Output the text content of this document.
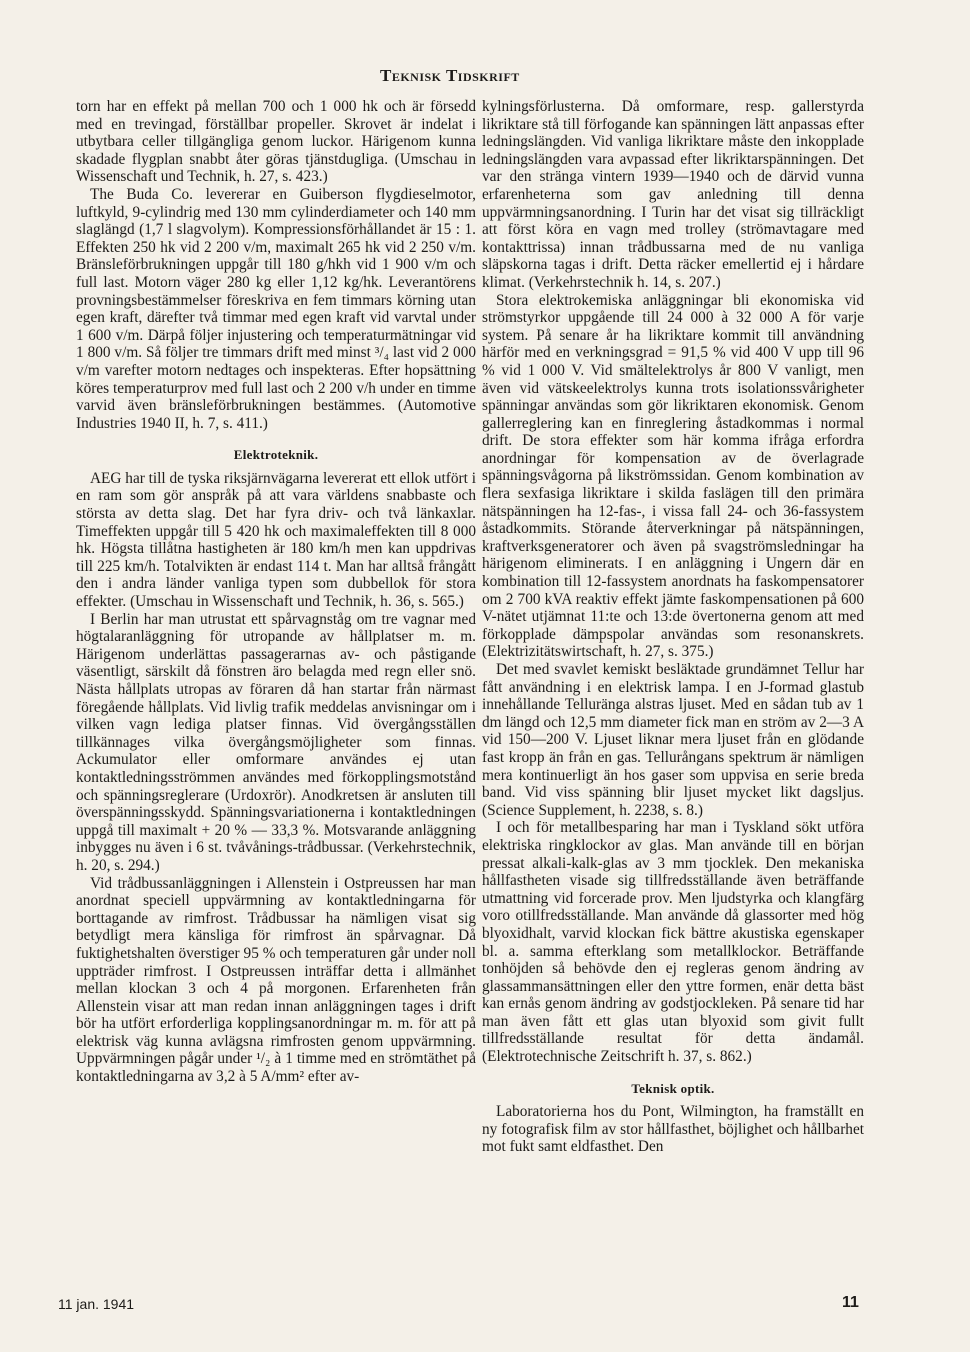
Teknisk Tidskrift

torn har en effekt på mellan 700 och 1 000 hk och är försedd med en trevingad, förställbar propeller. Skrovet är indelat i utbytbara celler tillgängliga genom luckor. Härigenom kunna skadade flygplan snabbt åter göras tjänstdugliga. (Umschau in Wissenschaft und Technik, h. 27, s. 423.)

The Buda Co. levererar en Guiberson flygdieselmotor, luftkyld, 9-cylindrig med 130 mm cylinderdiameter och 140 mm slaglängd (1,7 l slagvolym). Kompressionsförhållandet är 15 : 1. Effekten 250 hk vid 2 200 v/m, maximalt 265 hk vid 2 250 v/m. Bränsleförbrukningen uppgår till 180 g/hkh vid 1 900 v/m och full last. Motorn väger 280 kg eller 1,12 kg/hk. Leverantörens provningsbestämmelser föreskriva en fem timmars körning utan egen kraft, därefter två timmar med egen kraft vid varvtal under 1 600 v/m. Därpå följer injustering och temperaturmätningar vid 1 800 v/m. Så följer tre timmars drift med minst ³/₄ last vid 2 000 v/m varefter motorn nedtages och inspekteras. Efter hopsättning köres temperaturprov med full last och 2 200 v/h under en timme varvid även bränsleförbrukningen bestämmes. (Automotive Industries 1940 II, h. 7, s. 411.)

Elektroteknik.

AEG har till de tyska riksjärnvägarna levererat ett ellok utfört i en ram som gör anspråk på att vara världens snabbaste och största av detta slag. Det har fyra driv- och två länkaxlar. Timeffekten uppgår till 5 420 hk och maximaleffekten till 8 000 hk. Högsta tillåtna hastigheten är 180 km/h men kan uppdrivas till 225 km/h. Totalvikten är endast 114 t. Man har alltså frångått den i andra länder vanliga typen som dubbellok för stora effekter. (Umschau in Wissenschaft und Technik, h. 36, s. 565.)

I Berlin har man utrustat ett spårvagnståg om tre vagnar med högtalaranläggning för utropande av hållplatser m. m. Härigenom underlättas passagerarnas av- och påstigande väsentligt, särskilt då fönstren äro belagda med regn eller snö. Nästa hållplats utropas av föraren då han startar från närmast föregående hållplats. Vid livlig trafik meddelas anvisningar om i vilken vagn lediga platser finnas. Vid övergångsställen tillkännages vilka övergångsmöjligheter som finnas. Ackumulator eller omformare användes ej utan kontaktledningsströmmen användes med förkopplingsmotstånd och spänningsreglerare (Urdoxrör). Anodkretsen är ansluten till överspänningsskydd. Spänningsvariationerna i kontaktledningen uppgå till maximalt + 20 % — 33,3 %. Motsvarande anläggning inbygges nu även i 6 st. tvåvånings-trådbussar. (Verkehrstechnik, h. 20, s. 294.)

Vid trådbussanläggningen i Allenstein i Ostpreussen har man anordnat speciell uppvärmning av kontaktledningarna för borttagande av rimfrost. Trådbussar ha nämligen visat sig betydligt mera känsliga för rimfrost än spårvagnar. Då fuktighetshalten överstiger 95 % och temperaturen går under noll uppträder rimfrost. I Ostpreussen inträffar detta i allmänhet mellan klockan 3 och 4 på morgonen. Erfarenheten från Allenstein visar att man redan innan anläggningen tages i drift bör ha utfört erforderliga kopplingsanordningar m. m. för att på elektrisk väg kunna avlägsna rimfrosten genom uppvärmning. Uppvärmningen pågår under ¹/₂ à 1 timme med en strömtäthet på kontaktledningarna av 3,2 à 5 A/mm² efter av-

kylningsförlusterna. Då omformare, resp. gallerstyrda likriktare stå till förfogande kan spänningen lätt anpassas efter ledningslängden. Vid vanliga likriktare måste den inkopplade ledningslängden vara avpassad efter likriktarspänningen. Det var den stränga vintern 1939—1940 och de därvid vunna erfarenheterna som gav anledning till denna uppvärmningsanordning. I Turin har det visat sig tillräckligt att först köra en vagn med trolley (strömavtagare med kontakttrissa) innan trådbussarna med de nu vanliga släpskorna tagas i drift. Detta räcker emellertid ej i hårdare klimat. (Verkehrstechnik h. 14, s. 207.)

Stora elektrokemiska anläggningar bli ekonomiska vid strömstyrkor uppgående till 24 000 à 32 000 A för varje system. På senare år ha likriktare kommit till användning härför med en verkningsgrad = 91,5 % vid 400 V upp till 96 % vid 1 000 V. Vid smältelektrolys år 800 V vanligt, men även vid vätskeelektrolys kunna trots isolationssvårigheter spänningar användas som gör likriktaren ekonomisk. Genom gallerreglering kan en finreglering åstadkommas i normal drift. De stora effekter som här komma ifråga erfordra anordningar för kompensation av de överlagrade spänningsvågorna på likströmssidan. Genom kombination av flera sexfasiga likriktare i skilda faslägen till den primära nätspänningen ha 12-fas-, i vissa fall 24- och 36-fassystem åstadkommits. Störande återverkningar på nätspänningen, kraftverksgeneratorer och även på svagströmsledningar ha härigenom eliminerats. I en anläggning i Ungern där en kombination till 12-fassystem anordnats ha faskompensatorer om 2 700 kVA reaktiv effekt jämte faskompensationen på 600 V-nätet utjämnat 11:te och 13:de övertonerna genom att med förkopplade dämpspolar användas som resonanskrets. (Elektrizitätswirtschaft, h. 27, s. 375.)

Det med svavlet kemiskt besläktade grundämnet Tellur har fått användning i en elektrisk lampa. I en J-formad glastub innehållande Telluränga alstras ljuset. Med en sådan tub av 1 dm längd och 12,5 mm diameter fick man en ström av 2—3 A vid 150—200 V. Ljuset liknar mera ljuset från en glödande fast kropp än från en gas. Tellurångans spektrum är nämligen mera kontinuerligt än hos gaser som uppvisa en serie breda band. Vid viss spänning blir ljuset mycket likt dagsljus. (Science Supplement, h. 2238, s. 8.)

I och för metallbesparing har man i Tyskland sökt utföra elektriska ringklockor av glas. Man använde till en början pressat alkali-kalk-glas av 3 mm tjocklek. Den mekaniska hållfastheten visade sig tillfredsställande även beträffande utmattning vid forcerade prov. Men ljudstyrka och klangfärg voro otillfredsställande. Man använde då glassorter med hög blyoxidhalt, varvid klockan fick bättre akustiska egenskaper bl. a. samma efterklang som metallklockor. Beträffande tonhöjden så behövde den ej regleras genom ändring av glassammansättningen eller den yttre formen, enär detta bäst kan ernås genom ändring av godstjockleken. På senare tid har man även fått ett glas utan blyoxid som givit fullt tillfredsställande resultat för detta ändamål. (Elektrotechnische Zeitschrift h. 37, s. 862.)

Teknisk optik.

Laboratorierna hos du Pont, Wilmington, ha framställt en ny fotografisk film av stor hållfasthet, böjlighet och hållbarhet mot fukt samt eldfasthet. Den

11 jan. 1941	11
